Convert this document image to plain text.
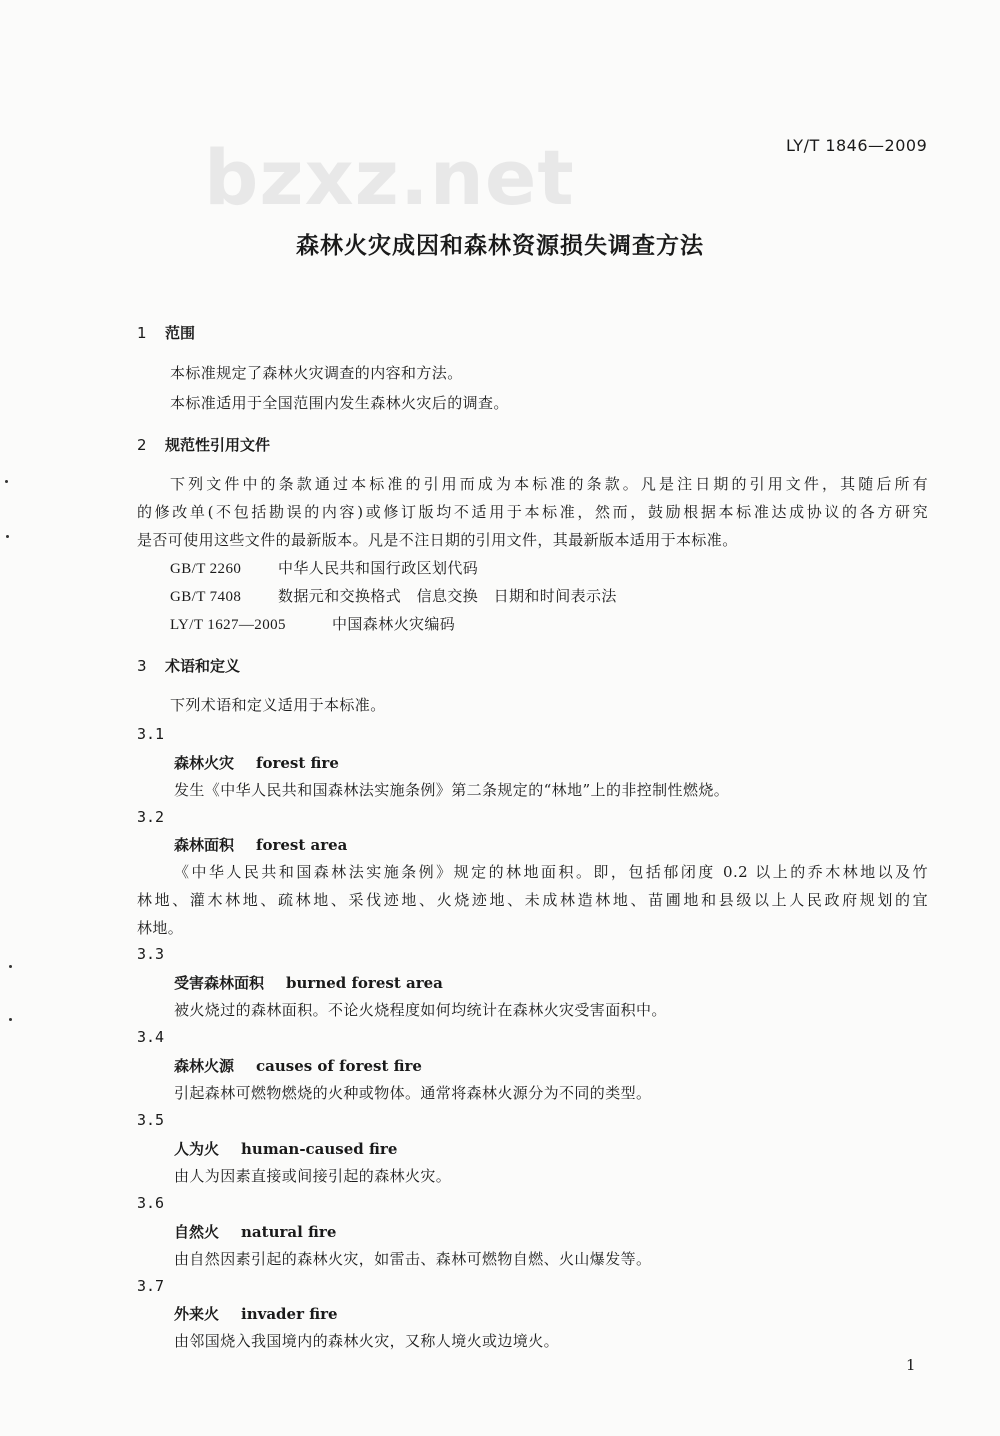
bzxz.net	LY/T 1846—2009
森林火灾成因和森林资源损失调查方法
1 范围
本标准规定了森林火灾调查的内容和方法。
本标准适用于全国范围内发生森林火灾后的调查。
2 规范性引用文件
下列文件中的条款通过本标准的引用而成为本标准的条款。凡是注日期的引用文件，其随后所有
的修改单(不包括勘误的内容)或修订版均不适用于本标准，然而，鼓励根据本标准达成协议的各方研究
是否可使用这些文件的最新版本。凡是不注日期的引用文件，其最新版本适用于本标准。
GB/T 2260 中华人民共和国行政区划代码
GB/T 7408 数据元和交换格式　信息交换　日期和时间表示法
LY/T 1627—2005	中国森林火灾编码
3 术语和定义
下列术语和定义适用于本标准。
3.1
森林火灾 forest fire
发生《中华人民共和国森林法实施条例》第二条规定的“林地”上的非控制性燃烧。
3.2
森林面积 forest area
《中华人民共和国森林法实施条例》规定的林地面积。即，包括郁闭度 0.2 以上的乔木林地以及竹
林地、灌木林地、疏林地、采伐迹地、火烧迹地、未成林造林地、苗圃地和县级以上人民政府规划的宜
林地。
3.3
受害森林面积 burned forest area
被火烧过的森林面积。不论火烧程度如何均统计在森林火灾受害面积中。
3.4
森林火源 causes of forest fire
引起森林可燃物燃烧的火种或物体。通常将森林火源分为不同的类型。
3.5
人为火 human-caused fire
由人为因素直接或间接引起的森林火灾。
3.6
自然火 natural fire
由自然因素引起的森林火灾，如雷击、森林可燃物自燃、火山爆发等。
3.7
外来火 invader fire
由邻国烧入我国境内的森林火灾，又称人境火或边境火。
1
